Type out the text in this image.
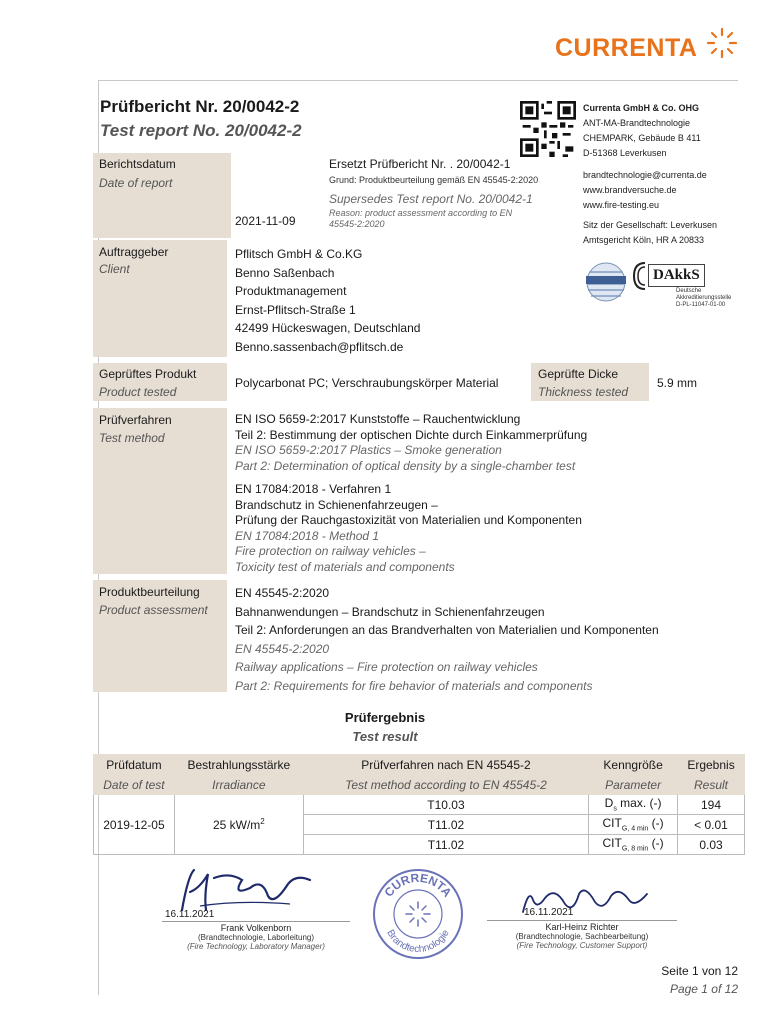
CURRENTA
Prüfbericht Nr. 20/0042-2
Test report No. 20/0042-2
Currenta GmbH & Co. OHG
ANT-MA-Brandtechnologie
CHEMPARK, Gebäude B 411
D-51368 Leverkusen
brandtechnologie@currenta.de
www.brandversuche.de
www.fire-testing.eu
Sitz der Gesellschaft: Leverkusen
Amtsgericht Köln, HR A 20833
DAkkS
Deutsche
Akkreditierungsstelle
D-PL-11047-01-00
Berichtsdatum
Date of report
2021-11-09
Ersetzt Prüfbericht Nr. . 20/0042-1
Grund: Produktbeurteilung gemäß EN 45545-2:2020
Supersedes Test report No. 20/0042-1
Reason: product assessment according to EN
45545-2:2020
Auftraggeber
Client
Pflitsch GmbH & Co.KG
Benno Saßenbach
Produktmanagement
Ernst-Pflitsch-Straße 1
42499 Hückeswagen, Deutschland
Benno.sassenbach@pflitsch.de
Geprüftes Produkt
Product tested
Polycarbonat PC; Verschraubungskörper Material
Geprüfte Dicke
Thickness tested
5.9 mm
Prüfverfahren
Test method
EN ISO 5659-2:2017 Kunststoffe – Rauchentwicklung
Teil 2: Bestimmung der optischen Dichte durch Einkammerprüfung
EN ISO 5659-2:2017 Plastics – Smoke generation
Part 2: Determination of optical density by a single-chamber test
EN 17084:2018 - Verfahren 1
Brandschutz in Schienenfahrzeugen –
Prüfung der Rauchgastoxizität von Materialien und Komponenten
EN 17084:2018 - Method 1
Fire protection on railway vehicles –
Toxicity test of materials and components
Produktbeurteilung
Product assessment
EN 45545-2:2020
Bahnanwendungen – Brandschutz in Schienenfahrzeugen
Teil 2: Anforderungen an das Brandverhalten von Materialien und Komponenten
EN 45545-2:2020
Railway applications – Fire protection on railway vehicles
Part 2: Requirements for fire behavior of materials and components
Prüfergebnis
Test result
Prüfdatum	Bestrahlungsstärke	Prüfverfahren nach EN 45545-2	Kenngröße	Ergebnis
Date of test	Irradiance	Test method according to EN 45545-2	Parameter	Result
2019-12-05	25 $kW/m^2$	T10.03	$D_s$ max. (-)	194
		T11.02	$CIT_{G, 4 min}$ (-)	< 0.01
		T11.02	$CIT_{G, 8 min}$ (-)	0.03
16.11.2021
Frank Volkenborn
(Brandtechnologie, Laborleitung)
(Fire Technology, Laboratory Manager)
CURRENTA
Brandtechnologie
16.11.2021
Karl-Heinz Richter
(Brandtechnologie, Sachbearbeitung)
(Fire Technology, Customer Support)
Seite 1 von 12
Page 1 of 12
